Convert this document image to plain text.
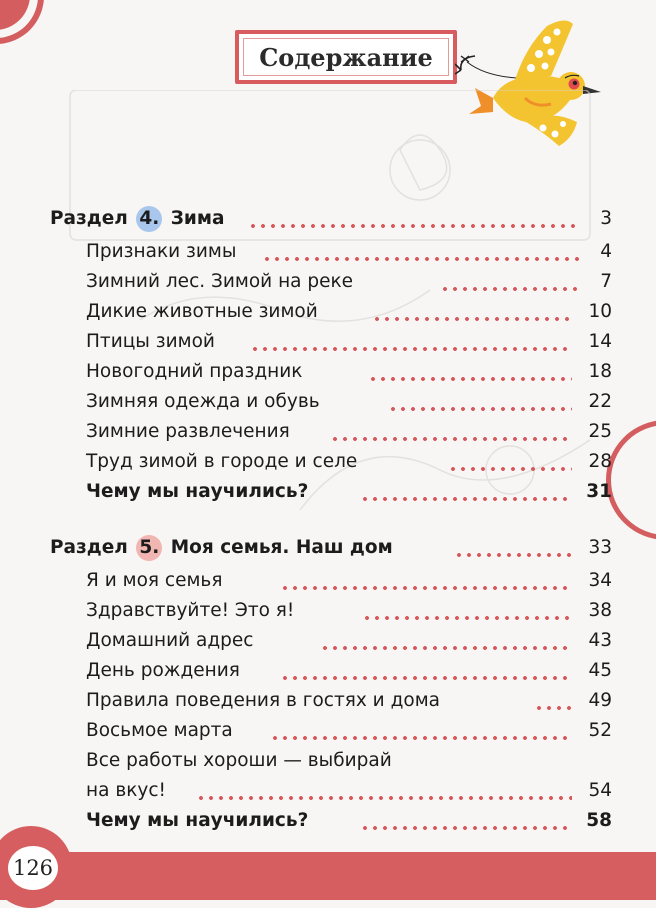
Содержание
Раздел 4. Зима	3
Признаки зимы	4
Зимний лес. Зимой на реке	7
Дикие животные зимой	10
Птицы зимой	14
Новогодний праздник	18
Зимняя одежда и обувь	22
Зимние развлечения	25
Труд зимой в городе и селе	28
Чему мы научились?	31
Раздел 5. Моя семья. Наш дом	33
Я и моя семья	34
Здравствуйте! Это я!	38
Домашний адрес	43
День рождения	45
Правила поведения в гостях и дома	49
Восьмое марта	52
Все работы хороши — выбирай
на вкус!	54
Чему мы научились?	58
126
